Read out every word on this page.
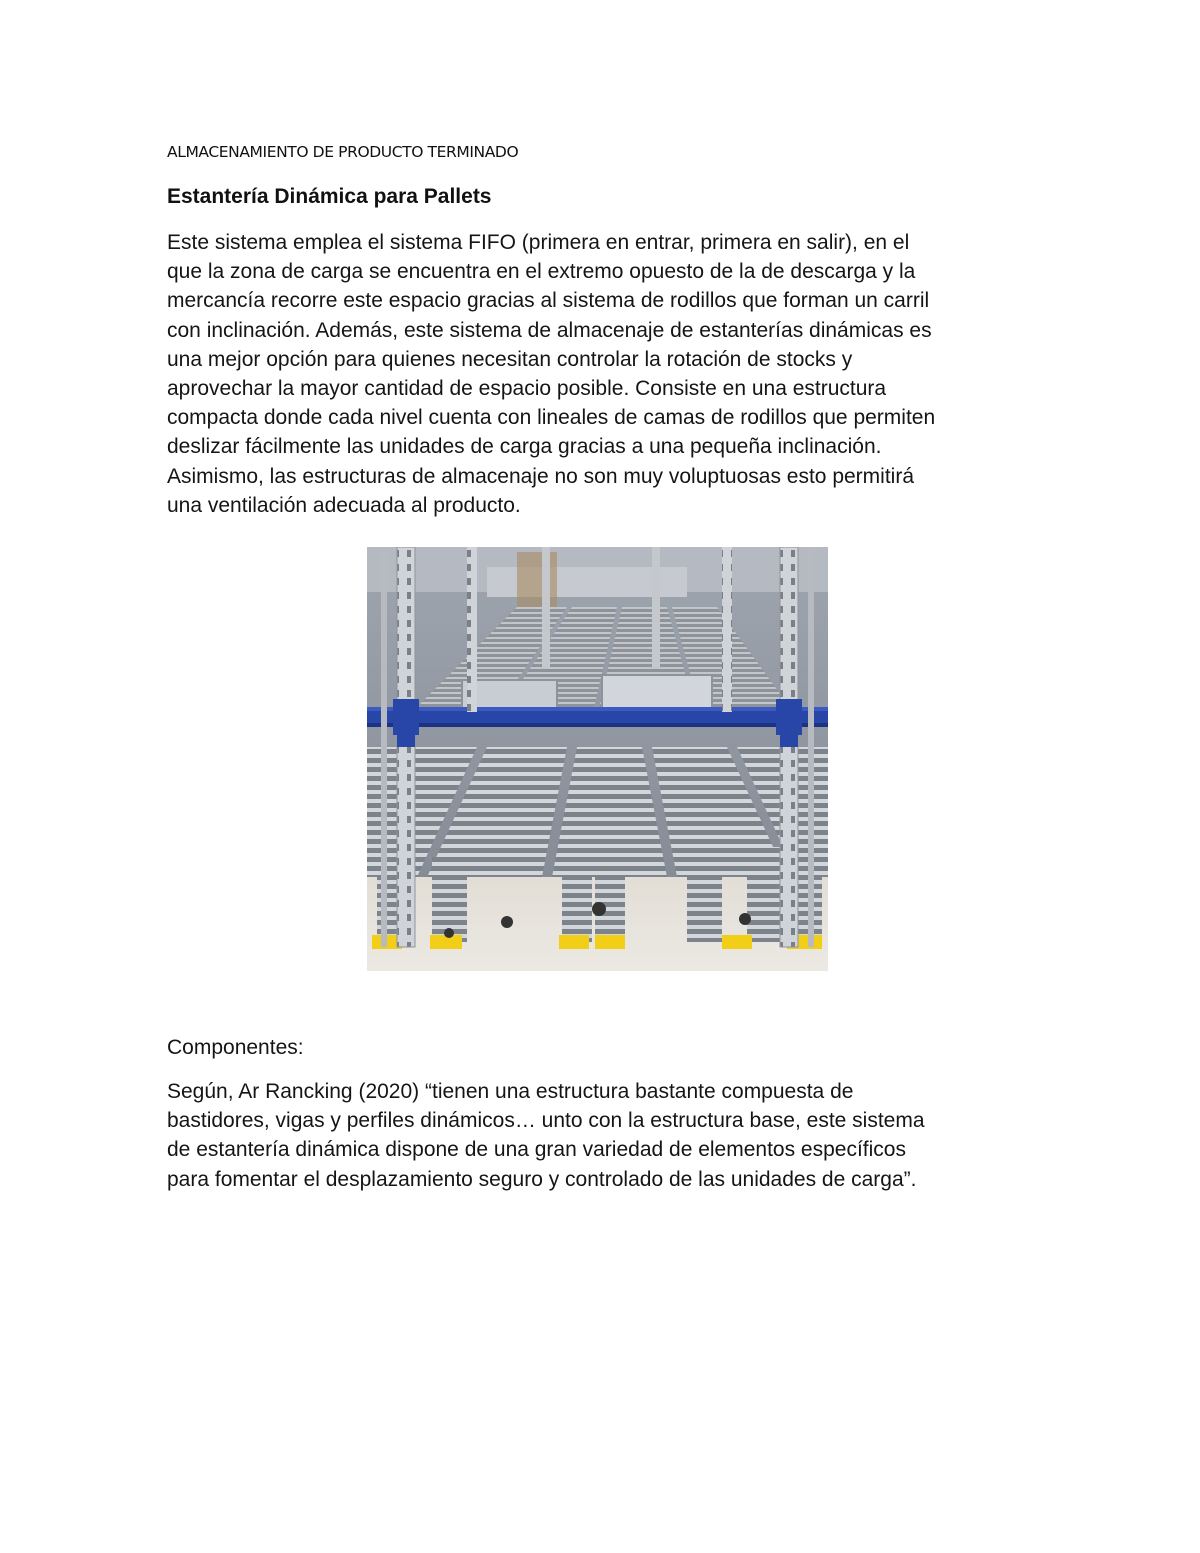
ALMACENAMIENTO DE PRODUCTO TERMINADO
Estantería Dinámica para Pallets
Este sistema emplea el sistema FIFO (primera en entrar, primera en salir), en el
que la zona de carga se encuentra en el extremo opuesto de la de descarga y la
mercancía recorre este espacio gracias al sistema de rodillos que forman un carril
con inclinación. Además, este sistema de almacenaje de estanterías dinámicas es
una mejor opción para quienes necesitan controlar la rotación de stocks y
aprovechar la mayor cantidad de espacio posible. Consiste en una estructura
compacta donde cada nivel cuenta con lineales de camas de rodillos que permiten
deslizar fácilmente las unidades de carga gracias a una pequeña inclinación.
Asimismo, las estructuras de almacenaje no son muy voluptuosas esto permitirá
una ventilación adecuada al producto.
Componentes:
Según, Ar Rancking (2020) “tienen una estructura bastante compuesta de
bastidores, vigas y perfiles dinámicos… unto con la estructura base, este sistema
de estantería dinámica dispone de una gran variedad de elementos específicos
para fomentar el desplazamiento seguro y controlado de las unidades de carga”.
